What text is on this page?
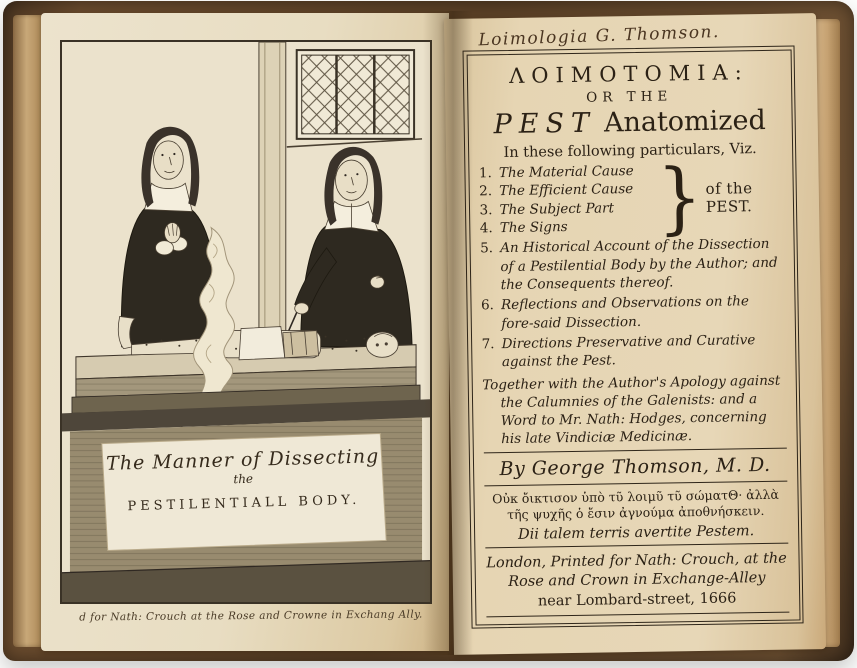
The Manner of Dissecting
the
PESTILENTIALL BODY.
d for Nath: Crouch at the Rose and Crowne in Exchang Ally.
Loimologia G. Thomson.
ΛΟΙΜΟΤΟΜΙΑ:
OR THE
PEST Anatomized
In these following particulars, Viz.
1. The Material Cause
2. The Efficient Cause
3. The Subject Part
4. The Signs	} of the PEST.
5. An Historical Account of the Dissection of a Pestilential Body by the Author; and the Consequents thereof.
6. Reflections and Observations on the fore-said Dissection.
7. Directions Preservative and Curative against the Pest.
Together with the Author's Apology against the Calumnies of the Galenists: and a Word to Mr. Nath: Hodges, concerning his late Vindiciæ Medicinæ.
By George Thomson, M. D.
Οὐκ ὄικτισον ὑπὸ τῦ λοιμῦ τῦ σώματΘ· ἀλλὰ
τῆς ψυχῆς ὁ ἔσιν ἀγνούμα ἀποθνήσκειν.
Dii talem terris avertite Pestem.
London, Printed for Nath: Crouch, at the
Rose and Crown in Exchange-Alley
near Lombard-street, 1666
